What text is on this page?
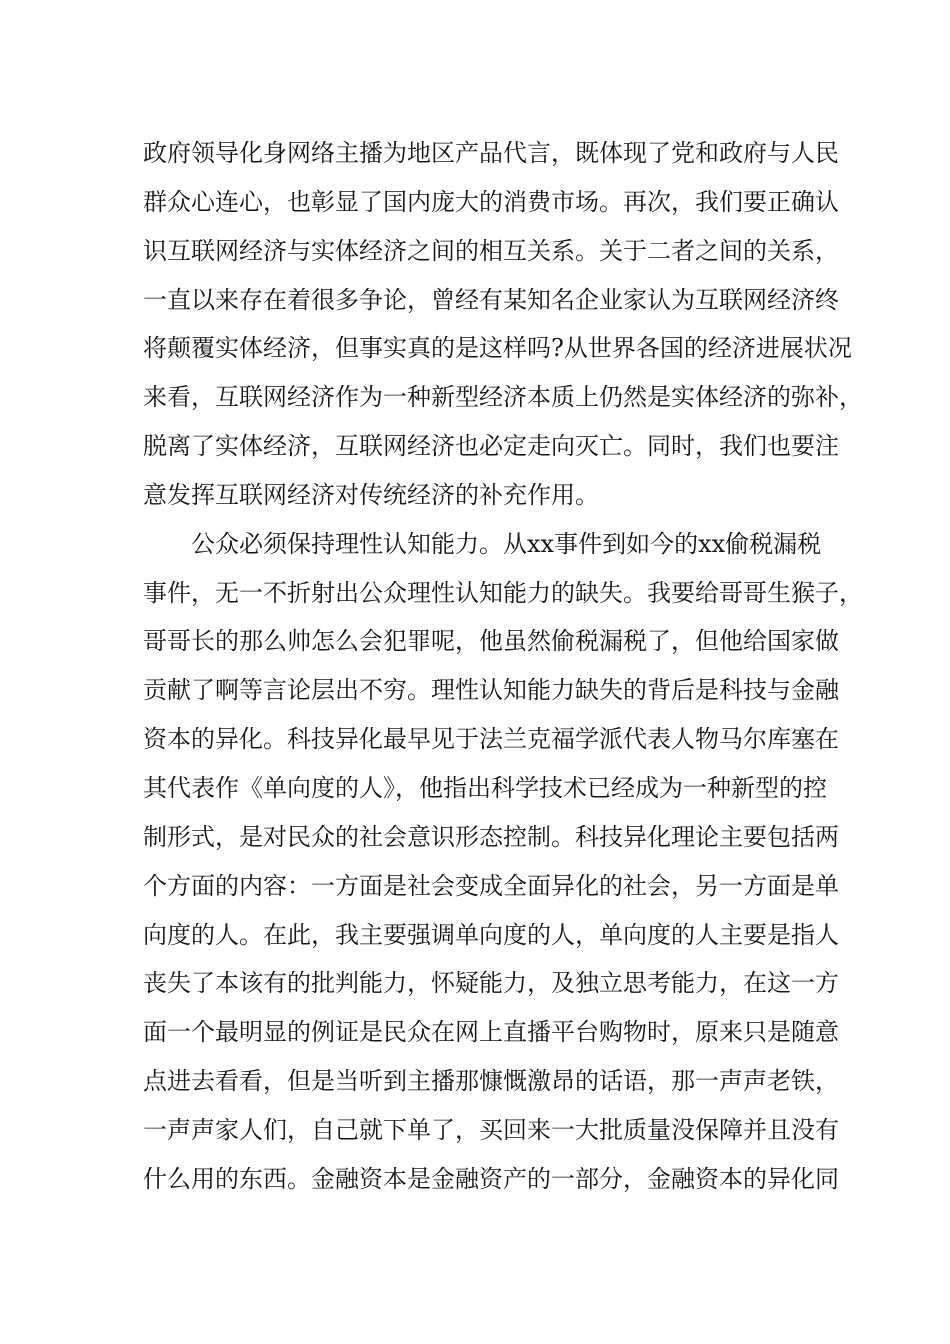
政府领导化身网络主播为地区产品代言，既体现了党和政府与人民
群众心连心，也彰显了国内庞大的消费市场。再次，我们要正确认
识互联网经济与实体经济之间的相互关系。关于二者之间的关系，
一直以来存在着很多争论，曾经有某知名企业家认为互联网经济终
将颠覆实体经济，但事实真的是这样吗?从世界各国的经济进展状况
来看，互联网经济作为一种新型经济本质上仍然是实体经济的弥补，
脱离了实体经济，互联网经济也必定走向灭亡。同时，我们也要注
意发挥互联网经济对传统经济的补充作用。
公众必须保持理性认知能力。从xx事件到如今的xx偷税漏税
事件，无一不折射出公众理性认知能力的缺失。我要给哥哥生猴子，
哥哥长的那么帅怎么会犯罪呢，他虽然偷税漏税了，但他给国家做
贡献了啊等言论层出不穷。理性认知能力缺失的背后是科技与金融
资本的异化。科技异化最早见于法兰克福学派代表人物马尔库塞在
其代表作《单向度的人》，他指出科学技术已经成为一种新型的控
制形式，是对民众的社会意识形态控制。科技异化理论主要包括两
个方面的内容：一方面是社会变成全面异化的社会，另一方面是单
向度的人。在此，我主要强调单向度的人，单向度的人主要是指人
丧失了本该有的批判能力，怀疑能力，及独立思考能力，在这一方
面一个最明显的例证是民众在网上直播平台购物时，原来只是随意
点进去看看，但是当听到主播那慷慨激昂的话语，那一声声老铁，
一声声家人们，自己就下单了，买回来一大批质量没保障并且没有
什么用的东西。金融资本是金融资产的一部分，金融资本的异化同
